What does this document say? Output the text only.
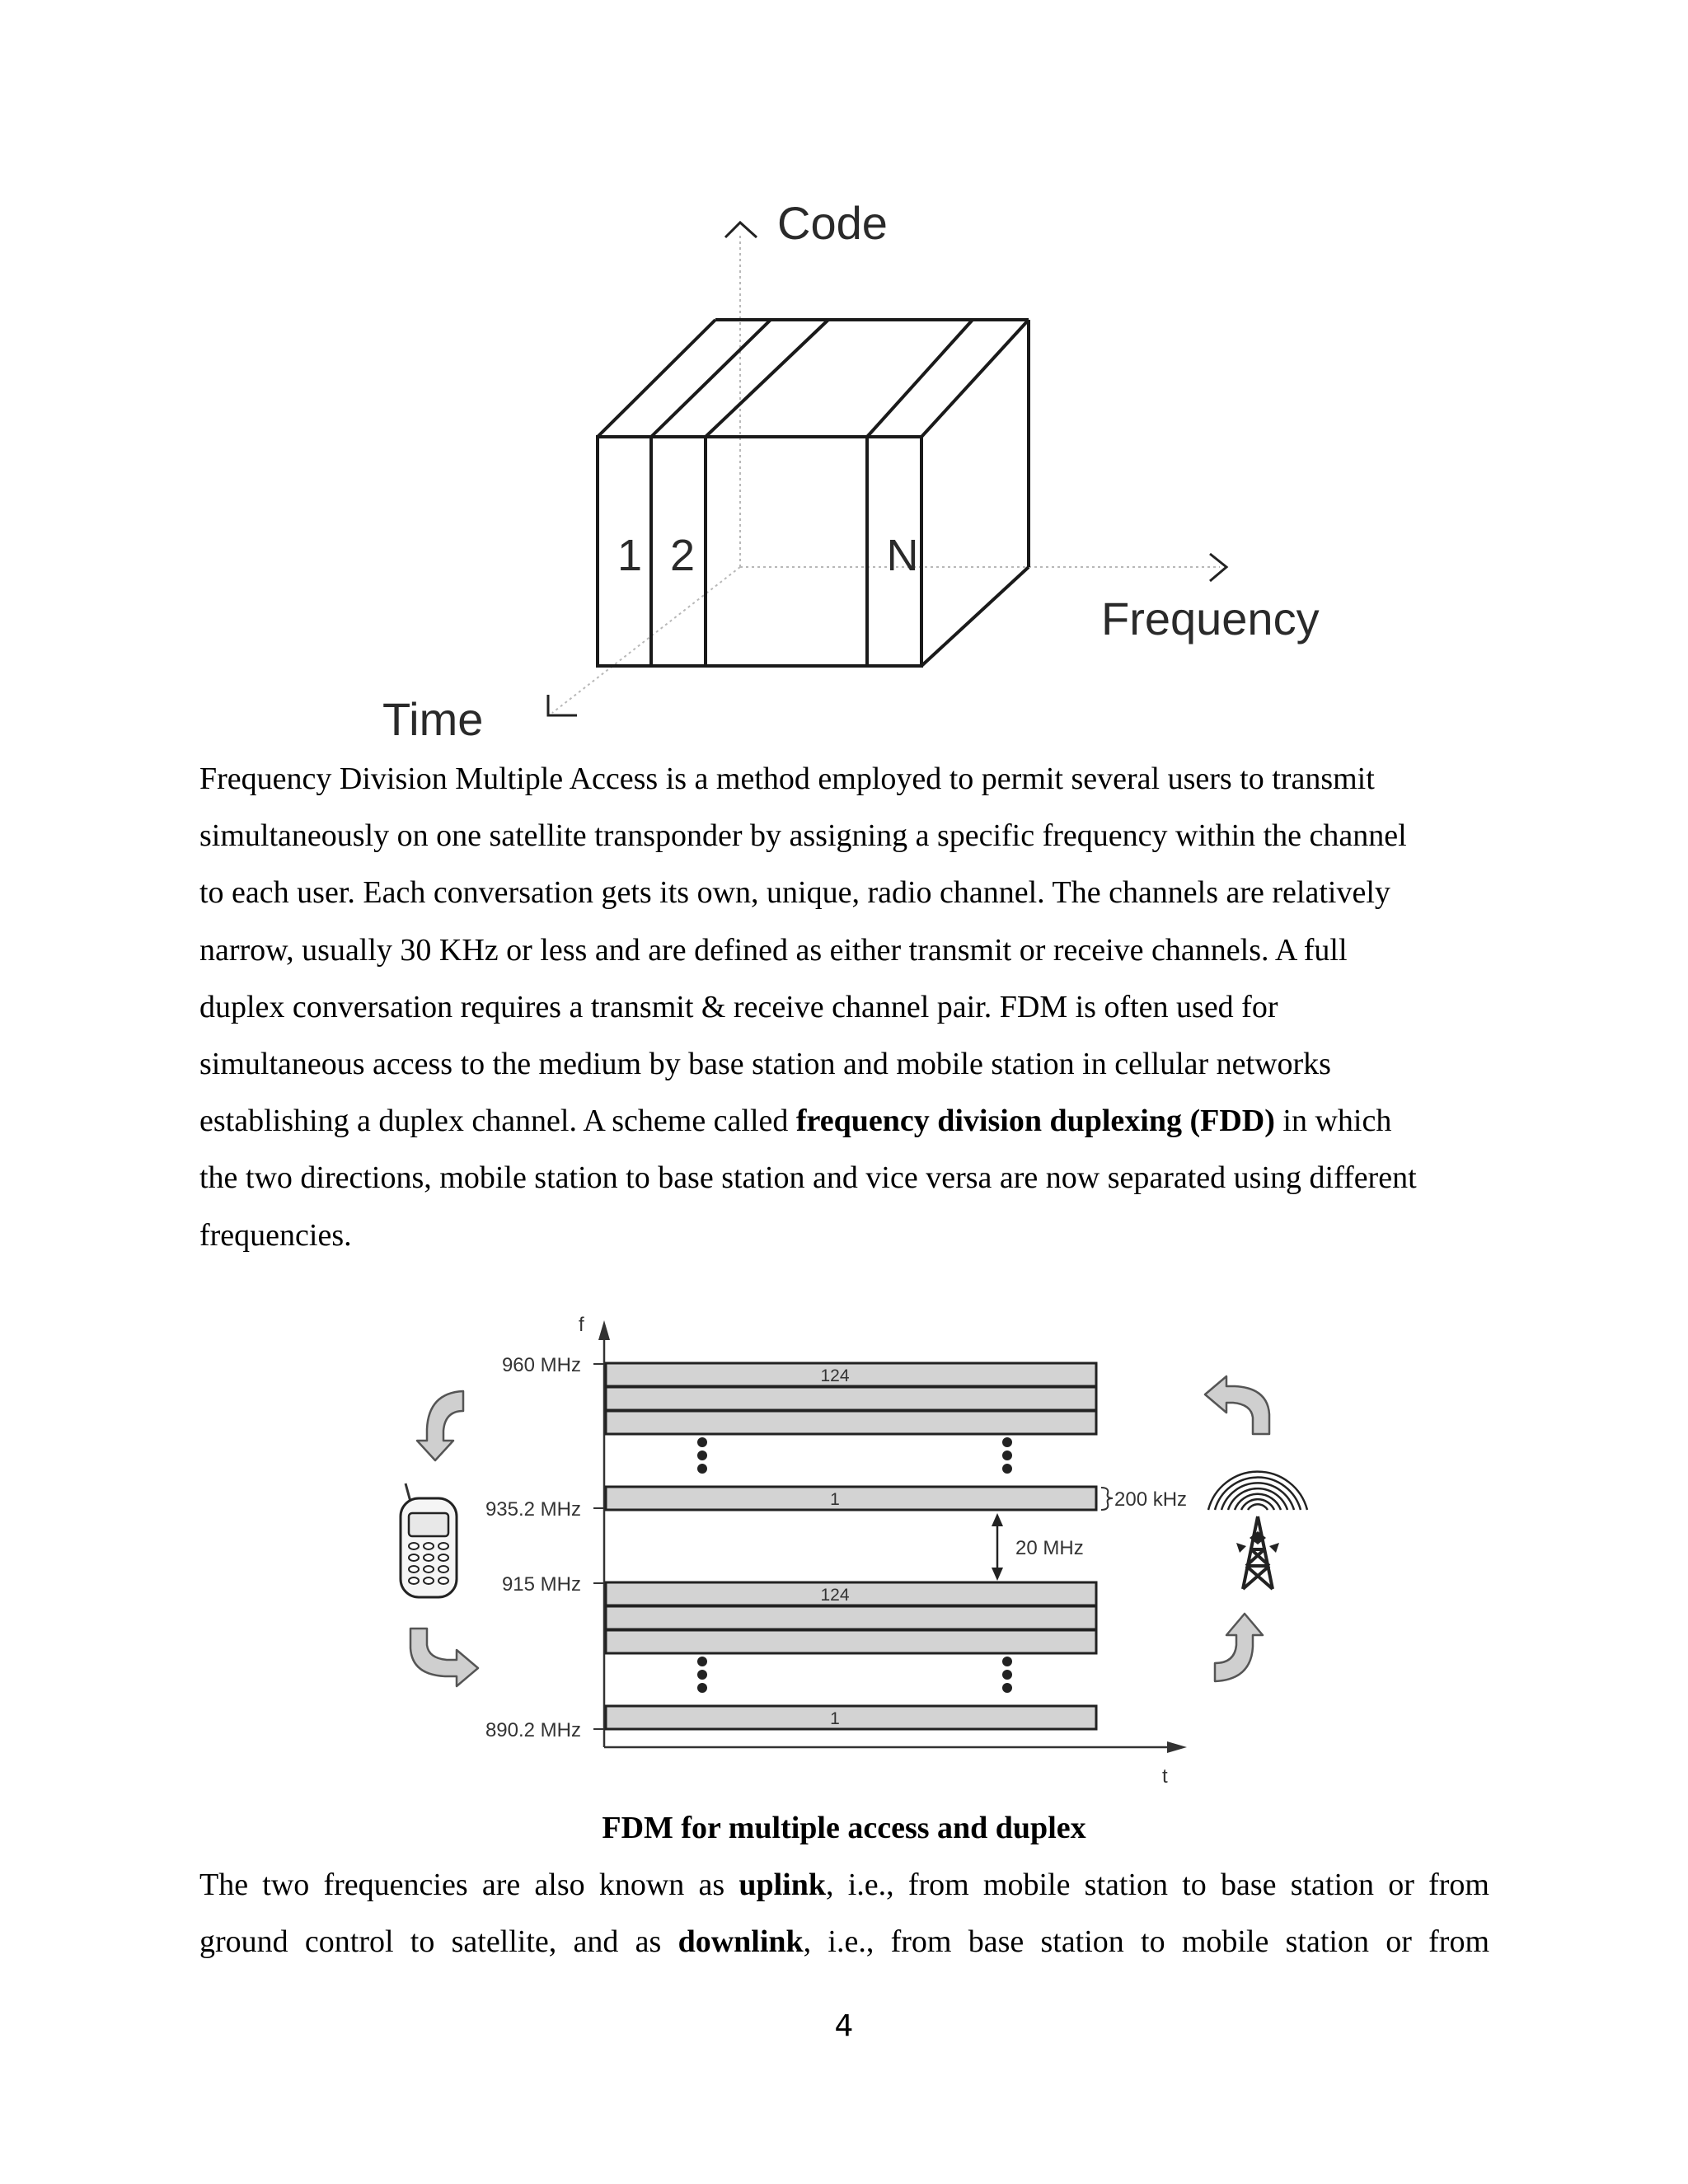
1 2	N
Code
Frequency
Time
Frequency Division Multiple Access is a method employed to permit several users to transmit
simultaneously on one satellite transponder by assigning a specific frequency within the channel
to each user. Each conversation gets its own, unique, radio channel. The channels are relatively
narrow, usually 30 KHz or less and are defined as either transmit or receive channels. A full
duplex conversation requires a transmit & receive channel pair. FDM is often used for
simultaneous access to the medium by base station and mobile station in cellular networks
establishing a duplex channel. A scheme called frequency division duplexing (FDD) in which
the two directions, mobile station to base station and vice versa are now separated using different
frequencies.
f
t
960 MHz
935.2 MHz
915 MHz
890.2 MHz
124
1
124
1
200 kHz
20 MHz
FDM for multiple access and duplex
The two frequencies are also known as uplink, i.e., from mobile station to base station or from
ground control to satellite, and as downlink, i.e., from base station to mobile station or from
4
